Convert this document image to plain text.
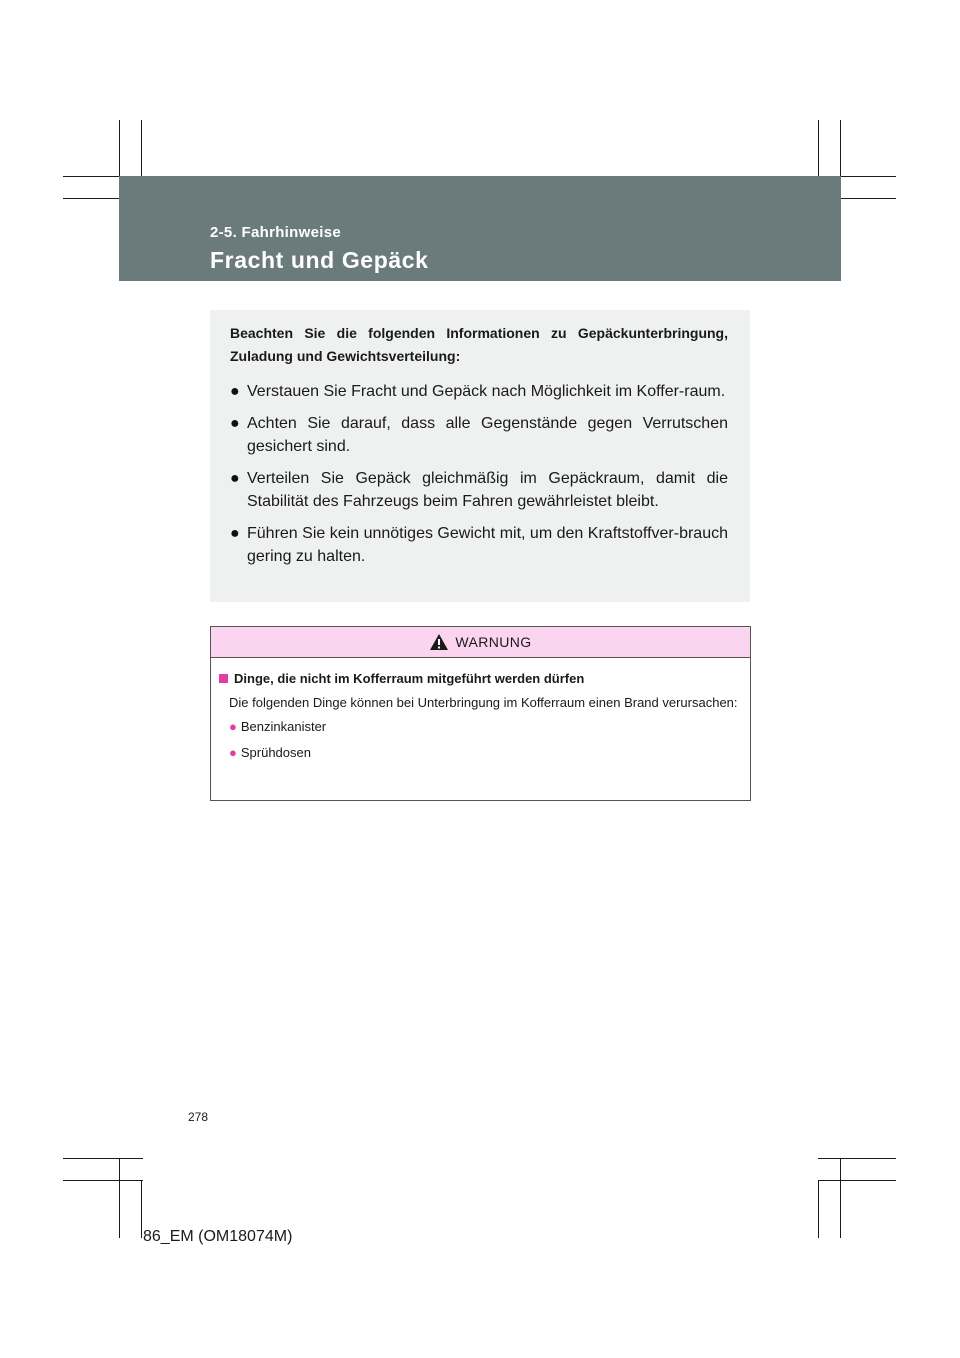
2-5. Fahrhinweise
Fracht und Gepäck

Beachten Sie die folgenden Informationen zu Gepäckunterbringung, Zuladung und Gewichtsverteilung:

● Verstauen Sie Fracht und Gepäck nach Möglichkeit im Koffer-raum.
● Achten Sie darauf, dass alle Gegenstände gegen Verrutschen gesichert sind.
● Verteilen Sie Gepäck gleichmäßig im Gepäckraum, damit die Stabilität des Fahrzeugs beim Fahren gewährleistet bleibt.
● Führen Sie kein unnötiges Gewicht mit, um den Kraftstoffver-brauch gering zu halten.
WARNUNG
Dinge, die nicht im Kofferraum mitgeführt werden dürfen

Die folgenden Dinge können bei Unterbringung im Kofferraum einen Brand verursachen:

● Benzinkanister
● Sprühdosen
278
86_EM (OM18074M)
